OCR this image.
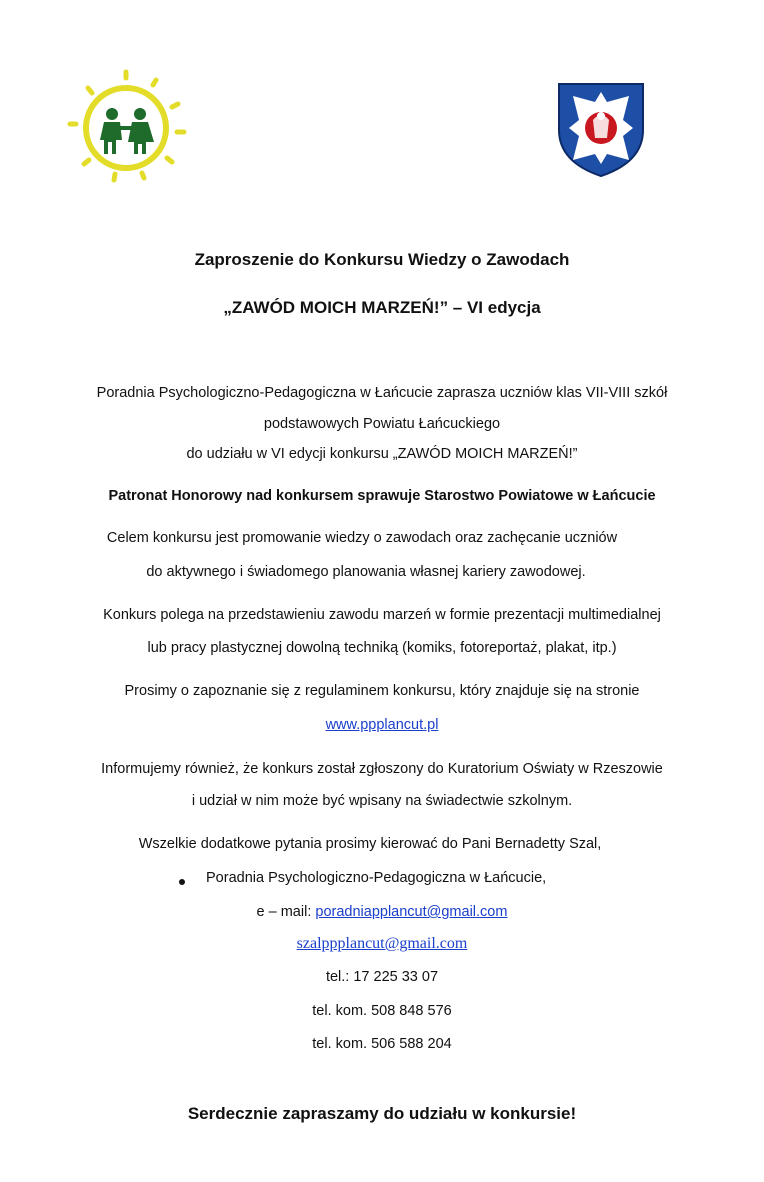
Zaproszenie do Konkursu Wiedzy o Zawodach
„ZAWÓD MOICH MARZEŃ!” – VI edycja
Poradnia Psychologiczno-Pedagogiczna w Łańcucie zaprasza uczniów klas VII-VIII szkół
podstawowych Powiatu Łańcuckiego
do udziału w VI edycji konkursu „ZAWÓD MOICH MARZEŃ!”
Patronat Honorowy nad konkursem sprawuje Starostwo Powiatowe w Łańcucie
Celem konkursu jest promowanie wiedzy o zawodach oraz zachęcanie uczniów
do aktywnego i świadomego planowania własnej kariery zawodowej.
Konkurs polega na przedstawieniu zawodu marzeń w formie prezentacji multimedialnej
lub pracy plastycznej dowolną techniką (komiks, fotoreportaż, plakat, itp.)
Prosimy o zapoznanie się z regulaminem konkursu, który znajduje się na stronie
www.ppplancut.pl
Informujemy również, że konkurs został zgłoszony do Kuratorium Oświaty w Rzeszowie
i udział w nim może być wpisany na świadectwie szkolnym.
Wszelkie dodatkowe pytania prosimy kierować do Pani Bernadetty Szal,
Poradnia Psychologiczno-Pedagogiczna w Łańcucie,
e – mail: poradniapplancut@gmail.com
szalppplancut@gmail.com
tel.: 17 225 33 07
tel. kom. 508 848 576
tel. kom. 506 588 204
Serdecznie zapraszamy do udziału w konkursie!
